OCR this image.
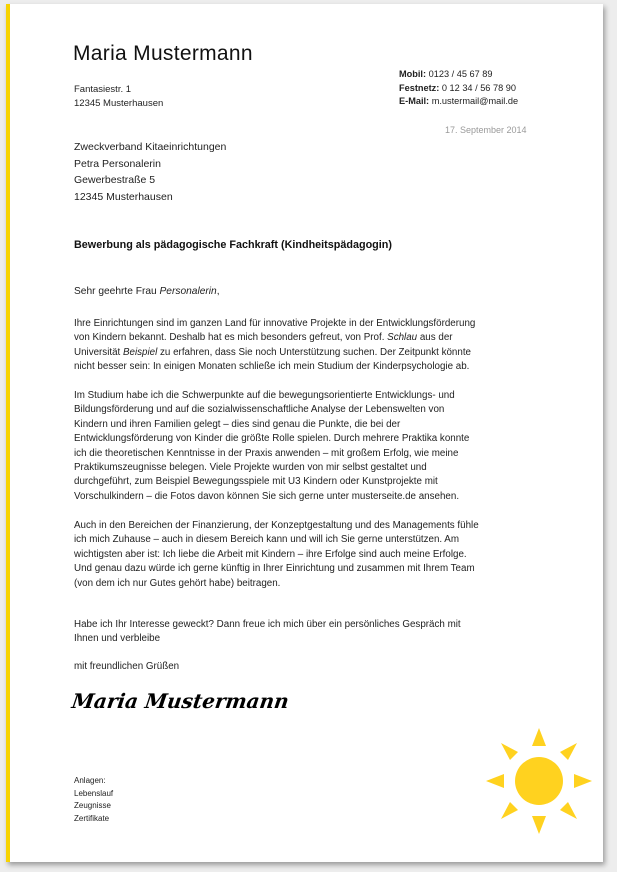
Maria Mustermann
Fantasiestr. 1
12345 Musterhausen
Mobil: 0123 / 45 67 89
Festnetz: 0 12 34 / 56 78 90
E-Mail: m.ustermail@mail.de
17. September 2014
Zweckverband Kitaeinrichtungen
Petra Personalerin
Gewerbestraße 5
12345 Musterhausen
Bewerbung als pädagogische Fachkraft (Kindheitspädagogin)
Sehr geehrte Frau Personalerin,
Ihre Einrichtungen sind im ganzen Land für innovative Projekte in der Entwicklungsförderung
von Kindern bekannt. Deshalb hat es mich besonders gefreut, von Prof. Schlau aus der
Universität Beispiel zu erfahren, dass Sie noch Unterstützung suchen. Der Zeitpunkt könnte
nicht besser sein: In einigen Monaten schließe ich mein Studium der Kinderpsychologie ab.
Im Studium habe ich die Schwerpunkte auf die bewegungsorientierte Entwicklungs- und
Bildungsförderung und auf die sozialwissenschaftliche Analyse der Lebenswelten von
Kindern und ihren Familien gelegt – dies sind genau die Punkte, die bei der
Entwicklungsförderung von Kinder die größte Rolle spielen. Durch mehrere Praktika konnte
ich die theoretischen Kenntnisse in der Praxis anwenden – mit großem Erfolg, wie meine
Praktikumszeugnisse belegen. Viele Projekte wurden von mir selbst gestaltet und
durchgeführt, zum Beispiel Bewegungsspiele mit U3 Kindern oder Kunstprojekte mit
Vorschulkindern – die Fotos davon können Sie sich gerne unter musterseite.de ansehen.
Auch in den Bereichen der Finanzierung, der Konzeptgestaltung und des Managements fühle
ich mich Zuhause – auch in diesem Bereich kann und will ich Sie gerne unterstützen. Am
wichtigsten aber ist: Ich liebe die Arbeit mit Kindern – ihre Erfolge sind auch meine Erfolge.
Und genau dazu würde ich gerne künftig in Ihrer Einrichtung und zusammen mit Ihrem Team
(von dem ich nur Gutes gehört habe) beitragen.
Habe ich Ihr Interesse geweckt? Dann freue ich mich über ein persönliches Gespräch mit
Ihnen und verbleibe
mit freundlichen Grüßen
Maria Mustermann
Anlagen:
Lebenslauf
Zeugnisse
Zertifikate
